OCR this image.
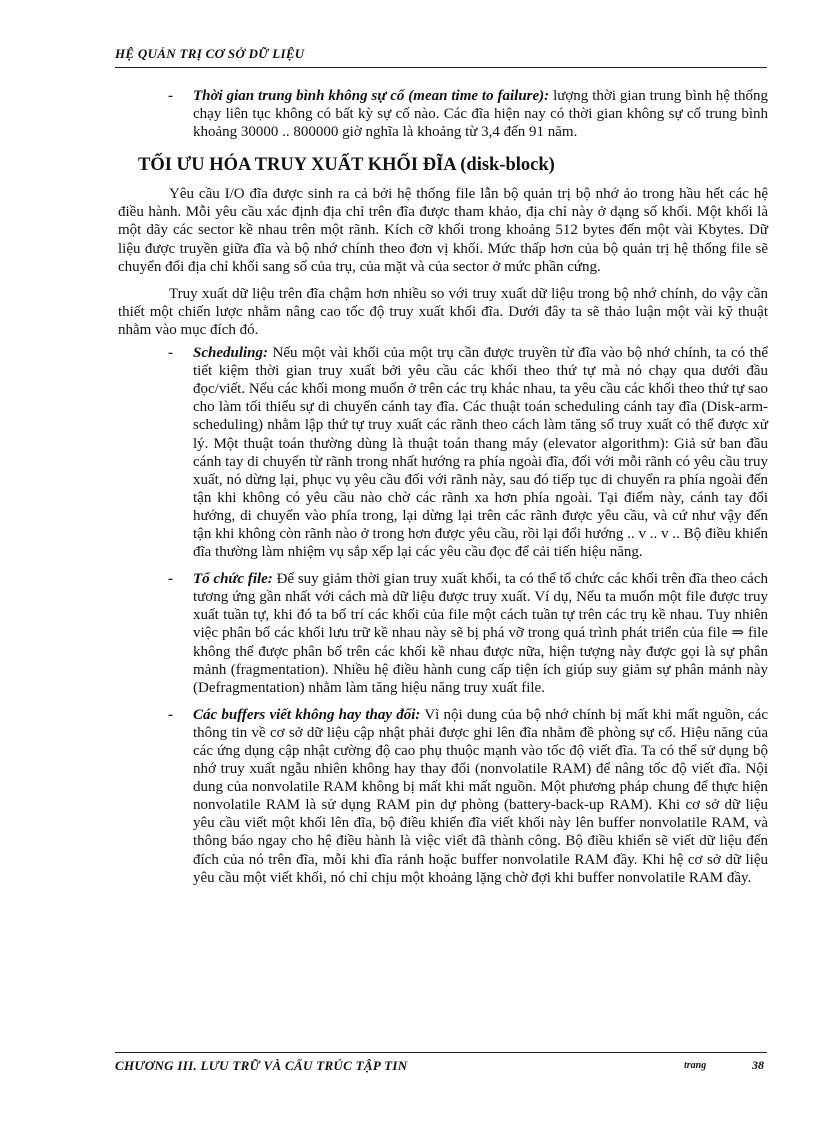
HỆ QUẢN TRỊ CƠ SỞ DỮ LIỆU
- Thời gian trung bình không sự cố (mean time to failure): lượng thời gian trung bình hệ thống chạy liên tục không có bất kỳ sự cố nào. Các đĩa hiện nay có thời gian không sự cố trung bình khoảng 30000 .. 800000 giờ nghĩa là khoảng từ 3,4 đến 91 năm.
TỐI ƯU HÓA TRUY XUẤT KHỐI ĐĨA (disk-block)

Yêu cầu I/O đĩa được sinh ra cả bởi hệ thống file lẫn bộ quản trị bộ nhớ ảo trong hầu hết các hệ điều hành. Mỗi yêu cầu xác định địa chỉ trên đĩa được tham khảo, địa chỉ này ở dạng số khối. Một khối là một dãy các sector kề nhau trên một rãnh. Kích cỡ khối trong khoảng 512 bytes đến một vài Kbytes. Dữ liệu được truyền giữa đĩa và bộ nhớ chính theo đơn vị khối. Mức thấp hơn của bộ quản trị hệ thống file sẽ chuyển đổi địa chỉ khối sang số của trụ, của mặt và của sector ở mức phần cứng.

Truy xuất dữ liệu trên đĩa chậm hơn nhiều so với truy xuất dữ liệu trong bộ nhớ chính, do vậy cần thiết một chiến lược nhằm nâng cao tốc độ truy xuất khối đĩa. Dưới đây ta sẽ thảo luận một vài kỹ thuật nhằm vào mục đích đó.

- Scheduling: Nếu một vài khối của một trụ cần được truyền từ đĩa vào bộ nhớ chính, ta có thể tiết kiệm thời gian truy xuất bởi yêu cầu các khối theo thứ tự mà nó chạy qua dưới đầu đọc/viết. Nếu các khối mong muốn ở trên các trụ khác nhau, ta yêu cầu các khối theo thứ tự sao cho làm tối thiểu sự di chuyển cánh tay đĩa. Các thuật toán scheduling cánh tay đĩa (Disk-arm-scheduling) nhằm lập thứ tự truy xuất các rãnh theo cách làm tăng số truy xuất có thể được xử lý. Một thuật toán thường dùng là thuật toán thang máy (elevator algorithm): Giả sử ban đầu cánh tay di chuyển từ rãnh trong nhất hướng ra phía ngoài đĩa, đối với mỗi rãnh có yêu cầu truy xuất, nó dừng lại, phục vụ yêu cầu đối với rãnh này, sau đó tiếp tục di chuyển ra phía ngoài đến tận khi không có yêu cầu nào chờ các rãnh xa hơn phía ngoài. Tại điểm này, cánh tay đổi hướng, di chuyển vào phía trong, lại dừng lại trên các rãnh được yêu cầu, và cứ như vậy đến tận khi không còn rãnh nào ở trong hơn được yêu cầu, rồi lại đổi hướng .. v .. v .. Bộ điều khiển đĩa thường làm nhiệm vụ sắp xếp lại các yêu cầu đọc để cải tiến hiệu năng.
- Tổ chức file: Để suy giảm thời gian truy xuất khối, ta có thể tổ chức các khối trên đĩa theo cách tương ứng gần nhất với cách mà dữ liệu được truy xuất. Ví dụ, Nếu ta muốn một file được truy xuất tuần tự, khi đó ta bố trí các khối của file một cách tuần tự trên các trụ kề nhau. Tuy nhiên việc phân bố các khối lưu trữ kề nhau này sẽ bị phá vỡ trong quá trình phát triển của file ⇒ file không thể được phân bố trên các khối kề nhau được nữa, hiện tượng này được gọi là sự phân mảnh (fragmentation). Nhiều hệ điều hành cung cấp tiện ích giúp suy giảm sự phân mảnh này (Defragmentation) nhằm làm tăng hiệu năng truy xuất file.
- Các buffers viết không hay thay đổi: Vì nội dung của bộ nhớ chính bị mất khi mất nguồn, các thông tin về cơ sở dữ liệu cập nhật phải được ghi lên đĩa nhằm đề phòng sự cố. Hiệu năng của các ứng dụng cập nhật cường độ cao phụ thuộc mạnh vào tốc độ viết đĩa. Ta có thể sử dụng bộ nhớ truy xuất ngẫu nhiên không hay thay đổi (nonvolatile RAM) để nâng tốc độ viết đĩa. Nội dung của nonvolatile RAM không bị mất khi mất nguồn. Một phương pháp chung để thực hiện nonvolatile RAM là sử dụng RAM pin dự phòng (battery-back-up RAM). Khi cơ sở dữ liệu yêu cầu viết một khối lên đĩa, bộ điều khiển đĩa viết khối này lên buffer nonvolatile RAM, và thông báo ngay cho hệ điều hành là việc viết đã thành công. Bộ điều khiển sẽ viết dữ liệu đến đích của nó trên đĩa, mỗi khi đĩa rảnh hoặc buffer nonvolatile RAM đầy. Khi hệ cơ sở dữ liệu yêu cầu một viết khối, nó chỉ chịu một khoảng lặng chờ đợi khi buffer nonvolatile RAM đầy.
CHƯƠNG III. LƯU TRỮ VÀ CẤU TRÚC TẬP TIN	trang	38
